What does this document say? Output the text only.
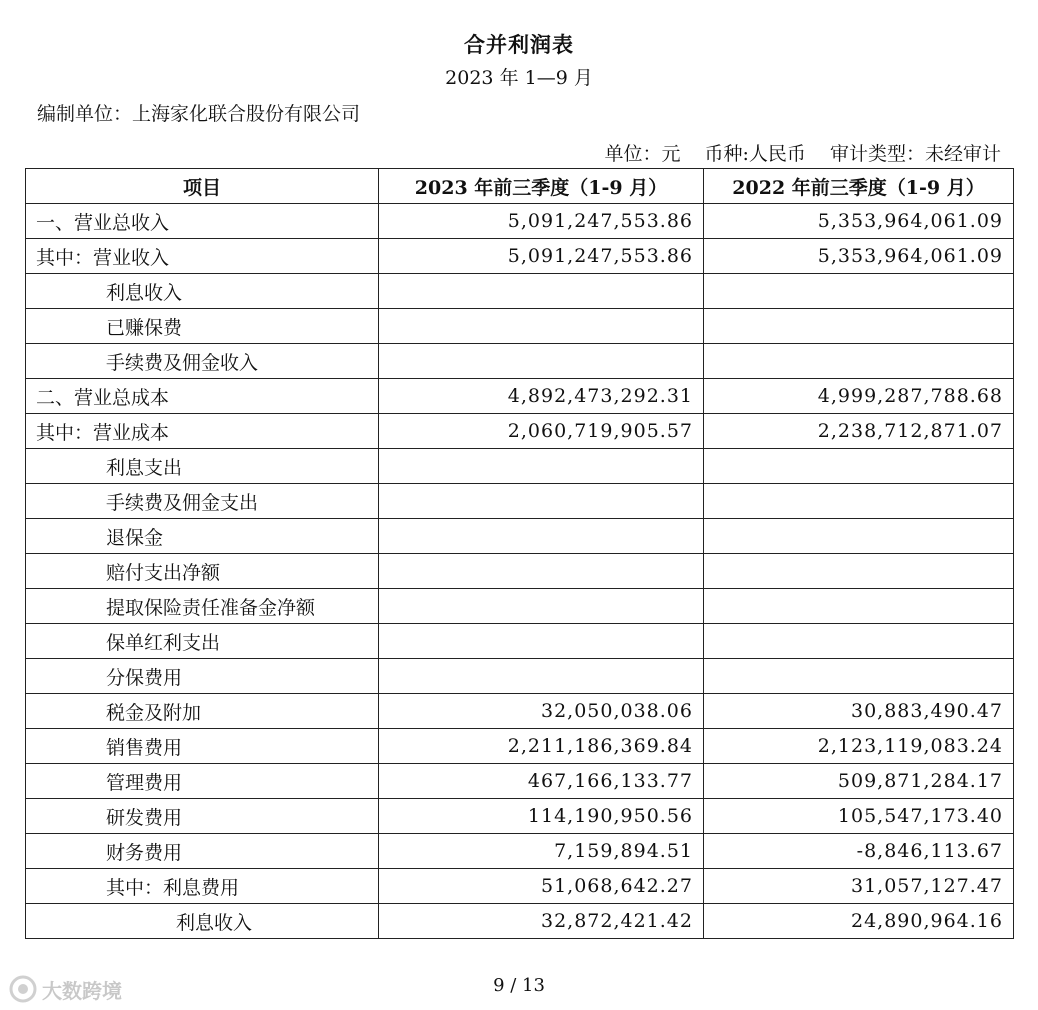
合并利润表
2023 年 1—9 月
编制单位：上海家化联合股份有限公司
单位：元 币种:人民币 审计类型：未经审计
项目	2023 年前三季度（1-9 月）	2022 年前三季度（1-9 月）
一、营业总收入	5,091,247,553.86	5,353,964,061.09
其中：营业收入	5,091,247,553.86	5,353,964,061.09
利息收入		
已赚保费		
手续费及佣金收入		
二、营业总成本	4,892,473,292.31	4,999,287,788.68
其中：营业成本	2,060,719,905.57	2,238,712,871.07
利息支出		
手续费及佣金支出		
退保金		
赔付支出净额		
提取保险责任准备金净额		
保单红利支出		
分保费用		
税金及附加	32,050,038.06	30,883,490.47
销售费用	2,211,186,369.84	2,123,119,083.24
管理费用	467,166,133.77	509,871,284.17
研发费用	114,190,950.56	105,547,173.40
财务费用	7,159,894.51	-8,846,113.67
其中：利息费用	51,068,642.27	31,057,127.47
利息收入	32,872,421.42	24,890,964.16
9 / 13
大数跨境
